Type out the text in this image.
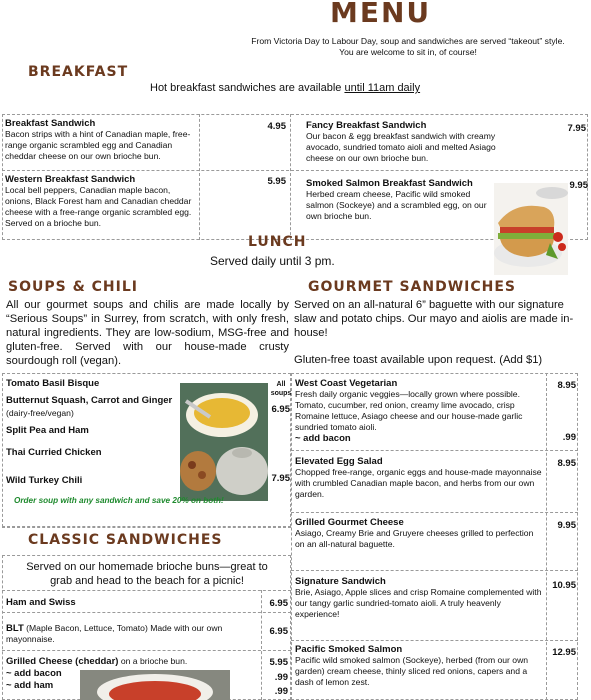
MENU
From Victoria Day to Labour Day, soup and sandwiches are served “takeout” style.
You are welcome to sit in, of course!
BREAKFAST
Hot breakfast sandwiches are available until 11am daily
Breakfast Sandwich
Bacon strips with a hint of Canadian maple, free-range organic scrambled egg and Canadian cheddar cheese on our own brioche bun.
4.95
Western Breakfast Sandwich
Local bell peppers, Canadian maple bacon, onions, Black Forest ham and Canadian cheddar cheese with a free-range organic scrambled egg. Served on a brioche bun.
5.95
Fancy Breakfast Sandwich
Our bacon & egg breakfast sandwich with creamy avocado, sundried tomato aioli and melted Asiago cheese on our own brioche bun.
7.95
Smoked Salmon Breakfast Sandwich
Herbed cream cheese, Pacific wild smoked salmon (Sockeye) and a scrambled egg, on our own brioche bun.
9.95
LUNCH
Served daily until 3 pm.
SOUPS & CHILI
All our gourmet soups and chilis are made locally by “Serious Soups” in Surrey, from scratch, with only fresh, natural ingredients. They are low-sodium, MSG-free and gluten-free. Served with our house-made crusty sourdough roll (vegan).
Tomato Basil Bisque
Butternut Squash, Carrot and Ginger
(dairy-free/vegan)
Split Pea and Ham
Thai Curried Chicken
Wild Turkey Chili
All soups
6.95
7.95
Order soup with any sandwich and save 20% on both!
CLASSIC SANDWICHES
Served on our homemade brioche buns—great to grab and head to the beach for a picnic!
Ham and Swiss	6.95
BLT (Maple Bacon, Lettuce, Tomato) Made with our own mayonnaise.
6.95
Grilled Cheese (cheddar) on a brioche bun.	5.95
~ add bacon
~ add ham
.99
.99
GOURMET SANDWICHES
Served on an all-natural 6” baguette with our signature slaw and potato chips. Our mayo and aiolis are made in-house!
Gluten-free toast available upon request. (Add $1)
West Coast Vegetarian
Fresh daily organic veggies—locally grown where possible. Tomato, cucumber, red onion, creamy lime avocado, crisp Romaine lettuce, Asiago cheese and our house-made garlic sundried tomato aioli.
~ add bacon
8.95
.99
Elevated Egg Salad
Chopped free-range, organic eggs and house-made mayonnaise with crumbled Canadian maple bacon, and herbs from our own garden.
8.95
Grilled Gourmet Cheese
Asiago, Creamy Brie and Gruyere cheeses grilled to perfection on an all-natural baguette.
9.95
Signature Sandwich
Brie, Asiago, Apple slices and crisp Romaine complemented with our tangy garlic sundried-tomato aioli. A truly heavenly experience!
10.95
Pacific Smoked Salmon
Pacific wild smoked salmon (Sockeye), herbed (from our own garden) cream cheese, thinly sliced red onions, capers and a dash of lemon zest.
12.95
